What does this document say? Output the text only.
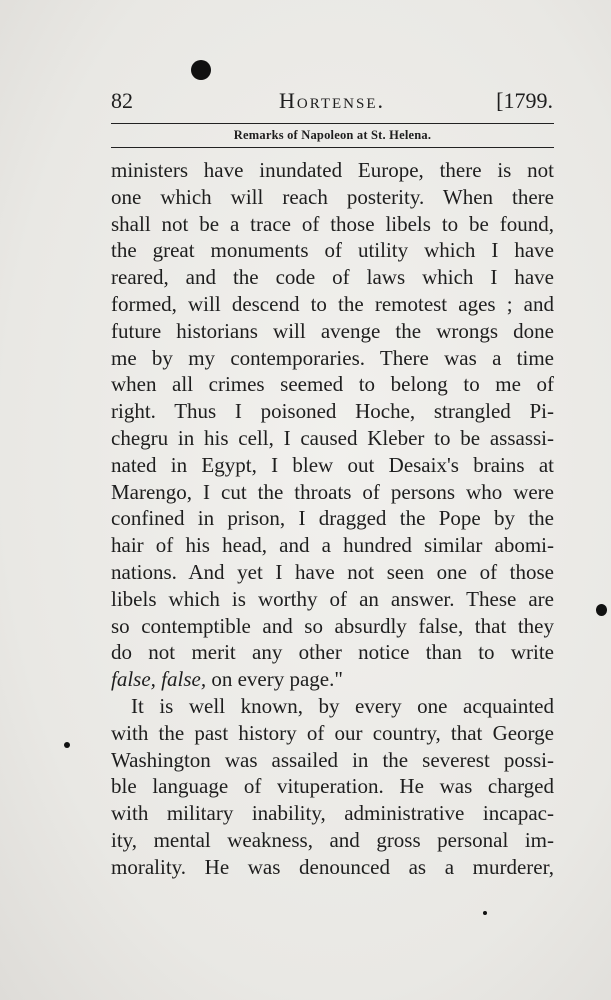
82	Hortense.	[1799.
Remarks of Napoleon at St. Helena.
ministers have inundated Europe, there is not
one which will reach posterity. When there
shall not be a trace of those libels to be found,
the great monuments of utility which I have
reared, and the code of laws which I have
formed, will descend to the remotest ages ; and
future historians will avenge the wrongs done
me by my contemporaries. There was a time
when all crimes seemed to belong to me of
right. Thus I poisoned Hoche, strangled Pi-
chegru in his cell, I caused Kleber to be assassi-
nated in Egypt, I blew out Desaix's brains at
Marengo, I cut the throats of persons who were
confined in prison, I dragged the Pope by the
hair of his head, and a hundred similar abomi-
nations. And yet I have not seen one of those
libels which is worthy of an answer. These are
so contemptible and so absurdly false, that they
do not merit any other notice than to write
false, false, on every page."
It is well known, by every one acquainted
with the past history of our country, that George
Washington was assailed in the severest possi-
ble language of vituperation. He was charged
with military inability, administrative incapac-
ity, mental weakness, and gross personal im-
morality. He was denounced as a murderer,
